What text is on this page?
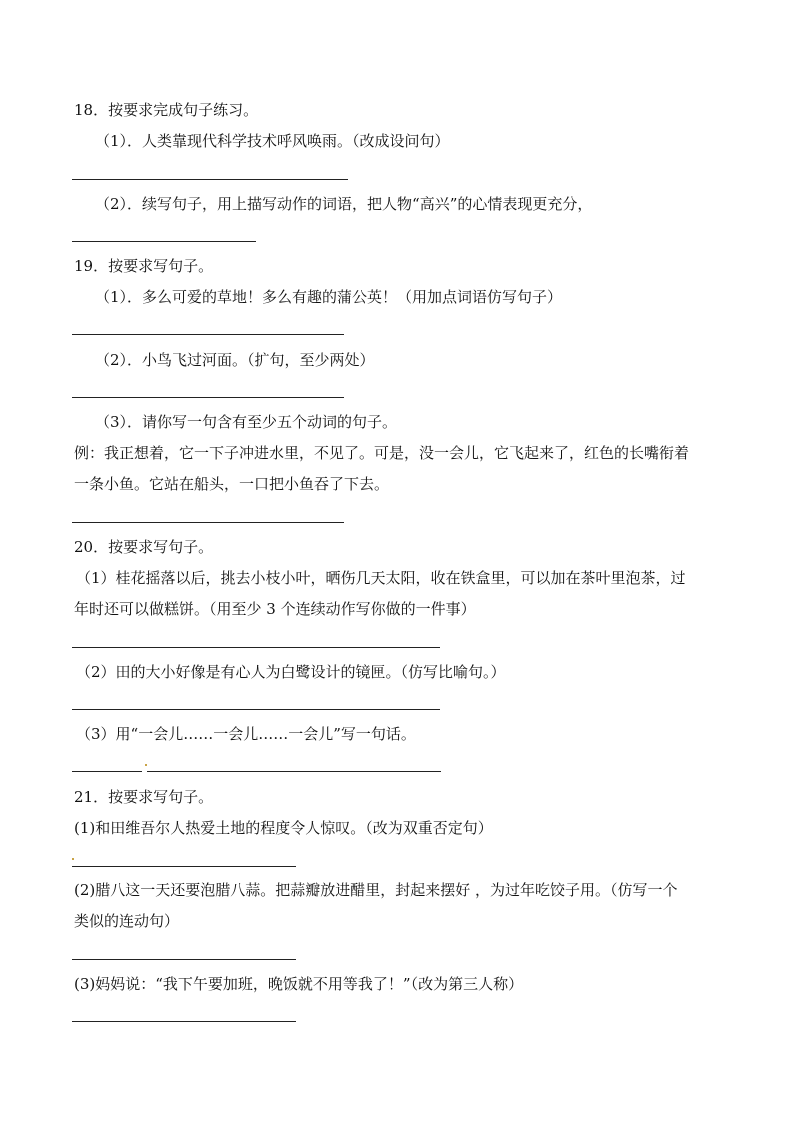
18．按要求完成句子练习。
（1）．人类靠现代科学技术呼风唤雨。（改成设问句）
（2）．续写句子，用上描写动作的词语，把人物“高兴”的心情表现更充分，
19．按要求写句子。
（1）．多么可爱的草地！多么有趣的蒲公英！（用加点词语仿写句子）
（2）．小鸟飞过河面。（扩句，至少两处）
（3）．请你写一句含有至少五个动词的句子。
例：我正想着，它一下子冲进水里，不见了。可是，没一会儿，它飞起来了，红色的长嘴衔着
一条小鱼。它站在船头，一口把小鱼吞了下去。
20．按要求写句子。
（1）桂花摇落以后，挑去小枝小叶，晒伤几天太阳，收在铁盒里，可以加在茶叶里泡茶，过
年时还可以做糕饼。（用至少 3 个连续动作写你做的一件事）
（2）田的大小好像是有心人为白鹭设计的镜匣。（仿写比喻句。）
（3）用“一会儿……一会儿……一会儿”写一句话。
21．按要求写句子。
(1)和田维吾尔人热爱土地的程度令人惊叹。（改为双重否定句）
(2)腊八这一天还要泡腊八蒜。把蒜瓣放进醋里，封起来摆好 ，为过年吃饺子用。（仿写一个
类似的连动句）
(3)妈妈说：“我下午要加班，晚饭就不用等我了！”（改为第三人称）
